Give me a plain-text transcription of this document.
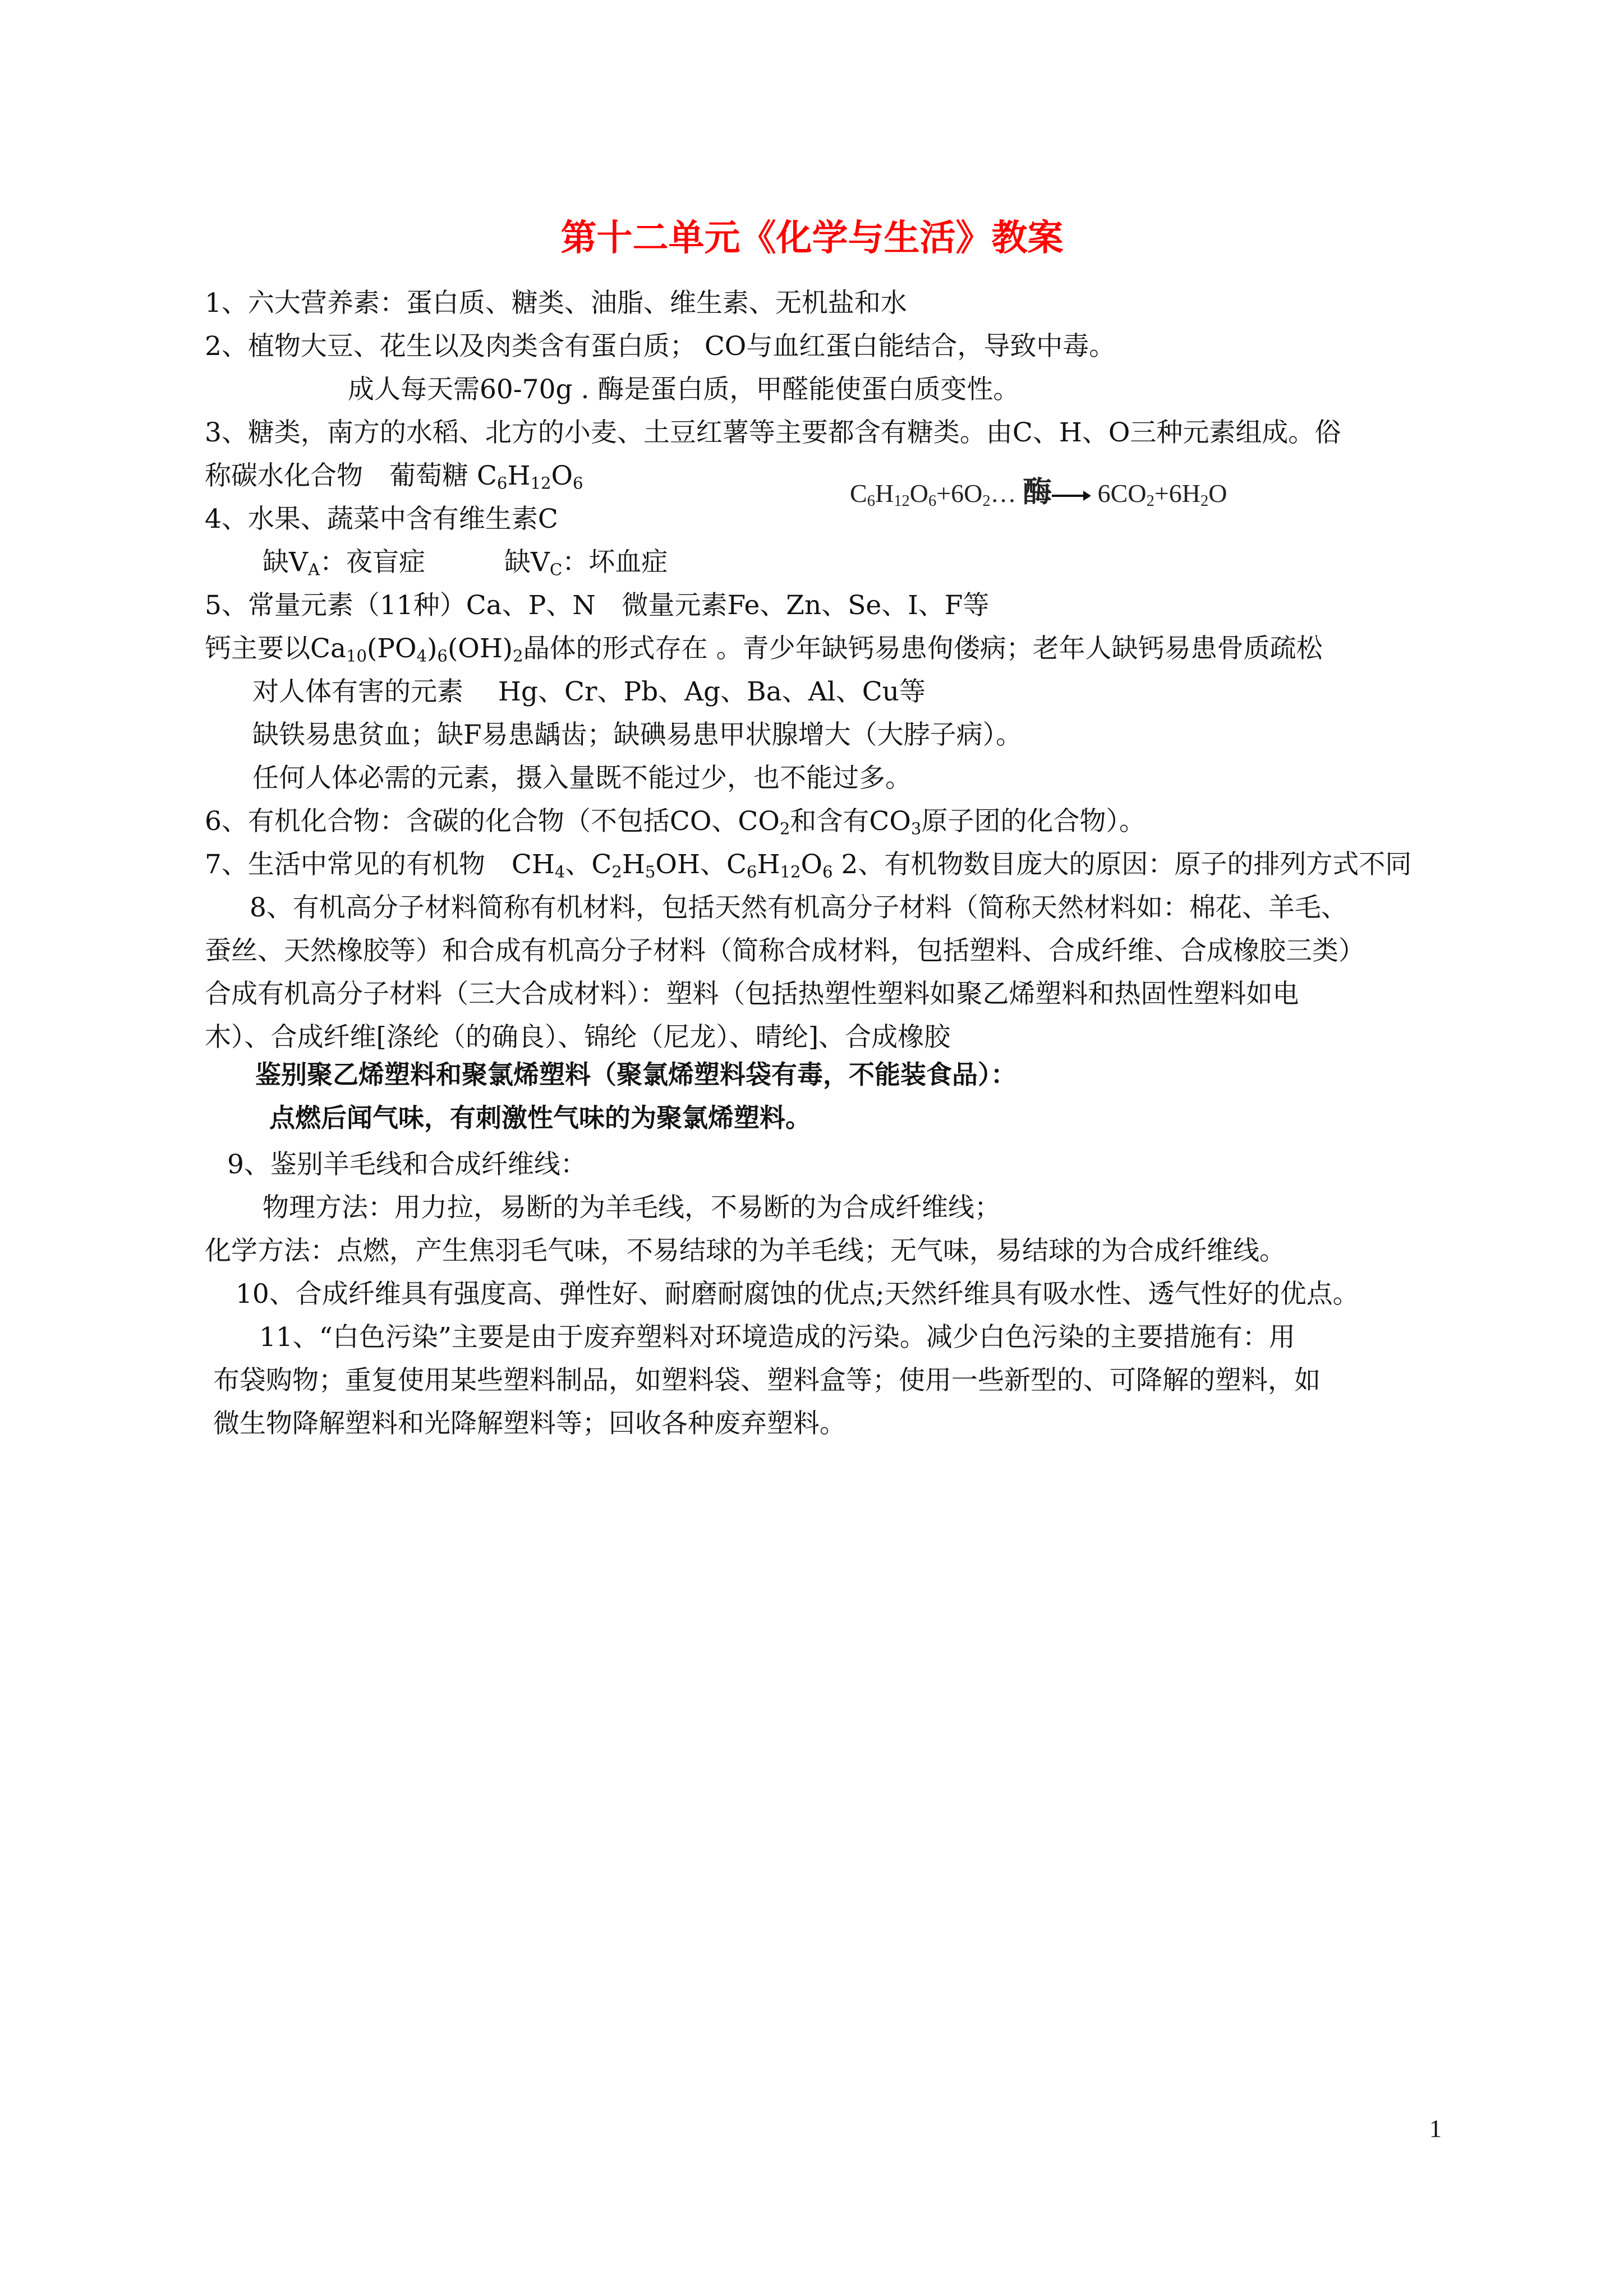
第十二单元《化学与生活》教案
1、六大营养素：蛋白质、糖类、油脂、维生素、无机盐和水
2、植物大豆、花生以及肉类含有蛋白质； CO与血红蛋白能结合，导致中毒。
成人每天需60-70g . 酶是蛋白质，甲醛能使蛋白质变性。
3、糖类，南方的水稻、北方的小麦、土豆红薯等主要都含有糖类。由C、H、O三种元素组成。俗
称碳水化合物　葡萄糖 $C_6H_{12}O_6$	$C_6H_{12}O_6+6O_2\dots$ 酶→ $6CO_2+6H_2O$
4、水果、蔬菜中含有维生素C
缺$V_A$：夜盲症　　　缺$V_C$：坏血症
5、常量元素（11种）Ca、P、N　微量元素Fe、Zn、Se、I、F等
钙主要以$Ca_{10}(PO_4)_6(OH)_2$晶体的形式存在 。青少年缺钙易患佝偻病；老年人缺钙易患骨质疏松
对人体有害的元素　 Hg、Cr、Pb、Ag、Ba、Al、Cu等
缺铁易患贫血；缺F易患龋齿；缺碘易患甲状腺增大（大脖子病）。
任何人体必需的元素，摄入量既不能过少，也不能过多。
6、有机化合物：含碳的化合物（不包括CO、$CO_2$和含有$CO_3$原子团的化合物）。
7、生活中常见的有机物　$CH_4$、$C_2H_5OH$、$C_6H_{12}O_6$ 2、有机物数目庞大的原因：原子的排列方式不同
8、有机高分子材料简称有机材料，包括天然有机高分子材料（简称天然材料如：棉花、羊毛、
蚕丝、天然橡胶等）和合成有机高分子材料（简称合成材料，包括塑料、合成纤维、合成橡胶三类）
合成有机高分子材料（三大合成材料）：塑料（包括热塑性塑料如聚乙烯塑料和热固性塑料如电
木）、合成纤维[涤纶（的确良）、锦纶（尼龙）、晴纶]、合成橡胶
鉴别聚乙烯塑料和聚氯烯塑料（聚氯烯塑料袋有毒，不能装食品）：
点燃后闻气味，有刺激性气味的为聚氯烯塑料。
9、鉴别羊毛线和合成纤维线：
物理方法：用力拉，易断的为羊毛线，不易断的为合成纤维线；
化学方法：点燃，产生焦羽毛气味，不易结球的为羊毛线；无气味，易结球的为合成纤维线。
10、合成纤维具有强度高、弹性好、耐磨耐腐蚀的优点;天然纤维具有吸水性、透气性好的优点。
11、“白色污染”主要是由于废弃塑料对环境造成的污染。减少白色污染的主要措施有：用
布袋购物；重复使用某些塑料制品，如塑料袋、塑料盒等；使用一些新型的、可降解的塑料，如
微生物降解塑料和光降解塑料等；回收各种废弃塑料。
1
